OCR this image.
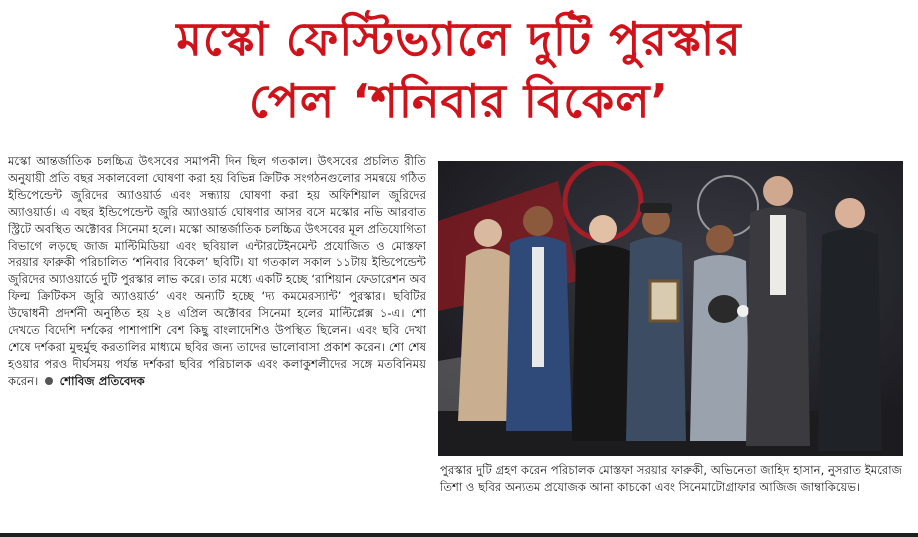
মস্কো ফেস্টিভ্যালে দুটি পুরস্কার
পেল ‘শনিবার বিকেল’

মস্কো আন্তর্জাতিক চলচ্চিত্র উৎসবের সমাপনী দিন ছিল গতকাল। উৎসবের প্রচলিত রীতি অনুযায়ী প্রতি বছর সকালবেলা ঘোষণা করা হয় বিভিন্ন ক্রিটিক সংগঠনগুলোর সমন্বয়ে গঠিত ইন্ডিপেন্ডেন্ট জুরিদের অ্যাওয়ার্ড এবং সন্ধ্যায় ঘোষণা করা হয় অফিশিয়াল জুরিদের অ্যাওয়ার্ড। এ বছর ইন্ডিপেন্ডেন্ট জুরি অ্যাওয়ার্ড ঘোষণার আসর বসে মস্কোর নভি আরবাত স্ট্রিটে অবস্থিত অক্টোবর সিনেমা হলে। মস্কো আন্তর্জাতিক চলচ্চিত্র উৎসবের মূল প্রতিযোগিতা বিভাগে লড়ছে জাজ মাল্টিমিডিয়া এবং ছবিয়াল এন্টারটেইনমেন্ট প্রযোজিত ও মোস্তফা সরয়ার ফারুকী পরিচালিত ‘শনিবার বিকেল’ ছবিটি। যা গতকাল সকাল ১১টায় ইন্ডিপেন্ডেন্ট জুরিদের অ্যাওয়ার্ডে দুটি পুরস্কার লাভ করে। তার মধ্যে একটি হচ্ছে ‘রাশিয়ান ফেডারেশন অব ফিল্ম ক্রিটিকস জুরি অ্যাওয়ার্ড’ এবং অন্যটি হচ্ছে ‘দ্য কমমেরস্যান্ট’ পুরস্কার। ছবিটির উদ্বোধনী প্রদর্শনী অনুষ্ঠিত হয় ২৪ এপ্রিল অক্টোবর সিনেমা হলের মাল্টিপ্লেক্স ১-এ। শো দেখতে বিদেশি দর্শকের পাশাপাশি বেশ কিছু বাংলাদেশিও উপস্থিত ছিলেন। এবং ছবি দেখা শেষে দর্শকরা মুহুর্মুহু করতালির মাধ্যমে ছবির জন্য তাদের ভালোবাসা প্রকাশ করেন। শো শেষ হওয়ার পরও দীর্ঘসময় পর্যন্ত দর্শকরা ছবির পরিচালক এবং কলাকুশলীদের সঙ্গে মতবিনিময় করেন। শোবিজ প্রতিবেদক

পুরস্কার দুটি গ্রহণ করেন পরিচালক মোস্তফা সরয়ার ফারুকী, অভিনেতা জাহিদ হাসান, নুসরাত ইমরোজ তিশা ও ছবির অন্যতম প্রযোজক আনা কাচকো এবং সিনেমাটোগ্রাফার আজিজ জাম্বাকিয়েভ।
